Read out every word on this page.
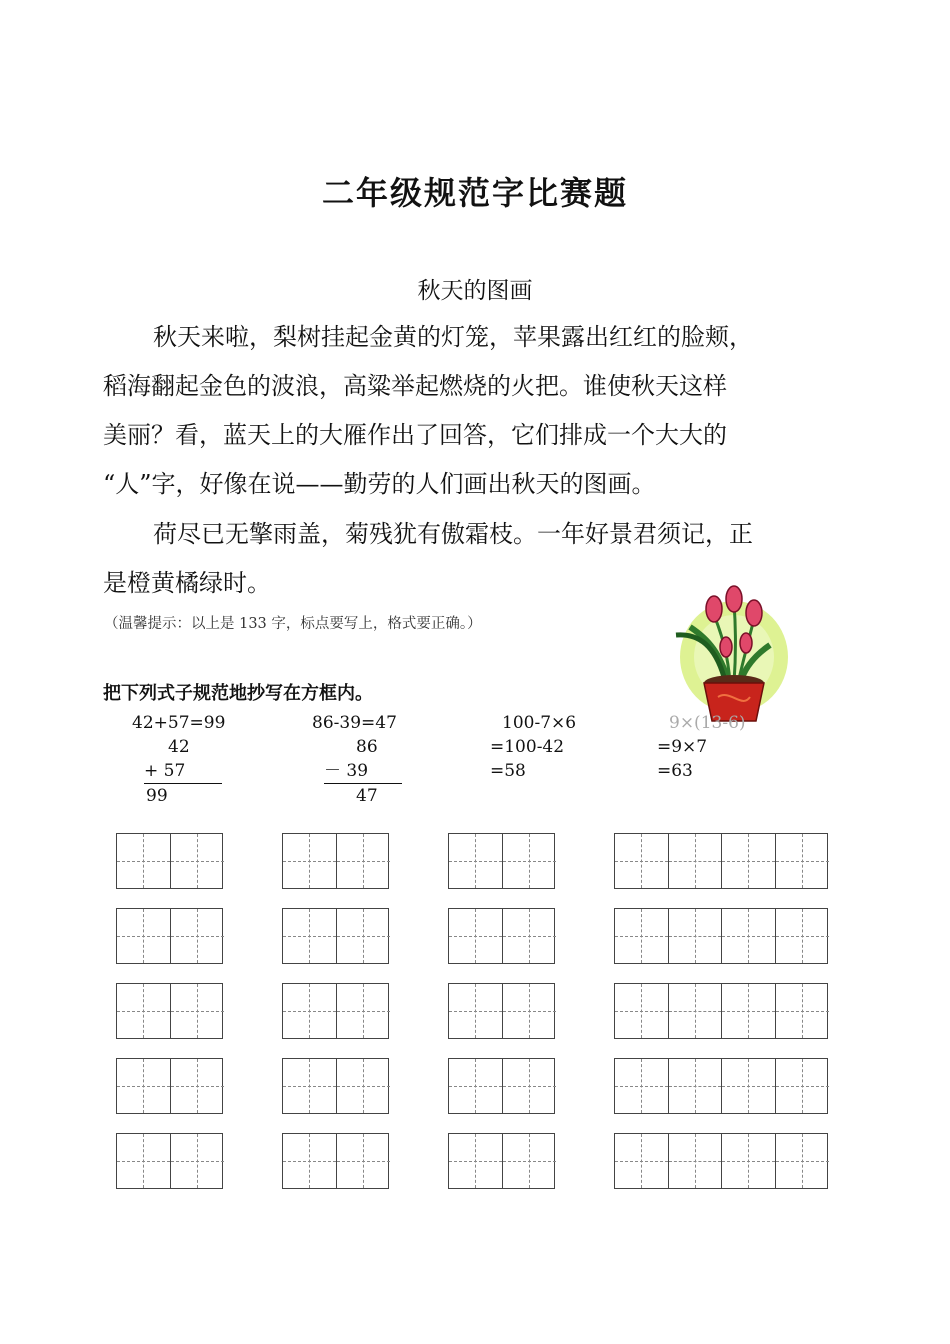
二年级规范字比赛题
秋天的图画
秋天来啦，梨树挂起金黄的灯笼，苹果露出红红的脸颊，
稻海翻起金色的波浪，高粱举起燃烧的火把。谁使秋天这样
美丽？看，蓝天上的大雁作出了回答，它们排成一个大大的
“人”字，好像在说——勤劳的人们画出秋天的图画。
荷尽已无擎雨盖，菊残犹有傲霜枝。一年好景君须记，正
是橙黄橘绿时。
（温馨提示：以上是 133 字，标点要写上，格式要正确。）
把下列式子规范地抄写在方框内。
42+57=99
42
+ 57
99
86-39=47
86
－ 39
47
100-7×6
=100-42
=58
9×(13-6)
=9×7
=63
